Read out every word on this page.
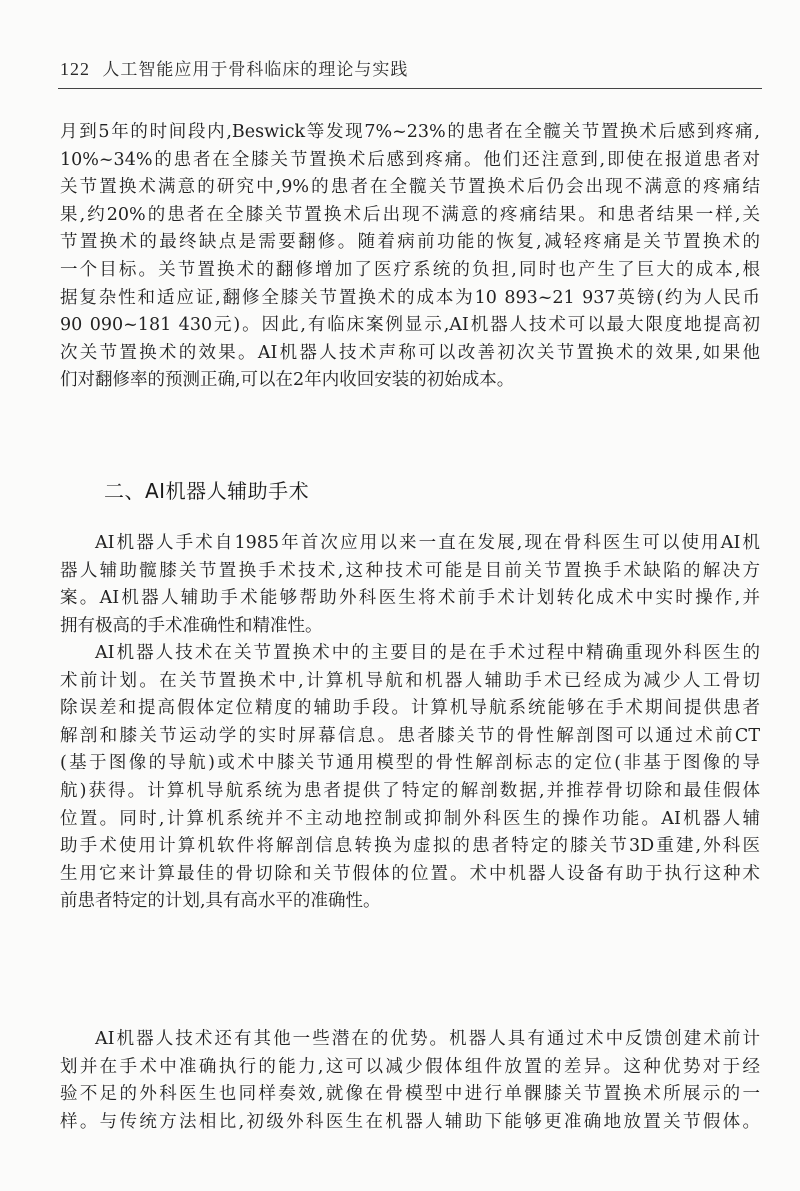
122 人工智能应用于骨科临床的理论与实践
月到5年的时间段内,Beswick等发现7%~23%的患者在全髋关节置换术后感到疼痛,
10%~34%的患者在全膝关节置换术后感到疼痛。他们还注意到,即使在报道患者对
关节置换术满意的研究中,9%的患者在全髋关节置换术后仍会出现不满意的疼痛结
果,约20%的患者在全膝关节置换术后出现不满意的疼痛结果。和患者结果一样,关
节置换术的最终缺点是需要翻修。随着病前功能的恢复,减轻疼痛是关节置换术的
一个目标。关节置换术的翻修增加了医疗系统的负担,同时也产生了巨大的成本,根
据复杂性和适应证,翻修全膝关节置换术的成本为10 893~21 937英镑(约为人民币
90 090~181 430元)。因此,有临床案例显示,AI机器人技术可以最大限度地提高初
次关节置换术的效果。AI机器人技术声称可以改善初次关节置换术的效果,如果他
们对翻修率的预测正确,可以在2年内收回安装的初始成本。
二、AI机器人辅助手术
AI机器人手术自1985年首次应用以来一直在发展,现在骨科医生可以使用AI机
器人辅助髋膝关节置换手术技术,这种技术可能是目前关节置换手术缺陷的解决方
案。AI机器人辅助手术能够帮助外科医生将术前手术计划转化成术中实时操作,并
拥有极高的手术准确性和精准性。
AI机器人技术在关节置换术中的主要目的是在手术过程中精确重现外科医生的
术前计划。在关节置换术中,计算机导航和机器人辅助手术已经成为减少人工骨切
除误差和提高假体定位精度的辅助手段。计算机导航系统能够在手术期间提供患者
解剖和膝关节运动学的实时屏幕信息。患者膝关节的骨性解剖图可以通过术前CT
(基于图像的导航)或术中膝关节通用模型的骨性解剖标志的定位(非基于图像的导
航)获得。计算机导航系统为患者提供了特定的解剖数据,并推荐骨切除和最佳假体
位置。同时,计算机系统并不主动地控制或抑制外科医生的操作功能。AI机器人辅
助手术使用计算机软件将解剖信息转换为虚拟的患者特定的膝关节3D重建,外科医
生用它来计算最佳的骨切除和关节假体的位置。术中机器人设备有助于执行这种术
前患者特定的计划,具有高水平的准确性。
AI机器人技术还有其他一些潜在的优势。机器人具有通过术中反馈创建术前计
划并在手术中准确执行的能力,这可以减少假体组件放置的差异。这种优势对于经
验不足的外科医生也同样奏效,就像在骨模型中进行单髁膝关节置换术所展示的一
样。与传统方法相比,初级外科医生在机器人辅助下能够更准确地放置关节假体。
